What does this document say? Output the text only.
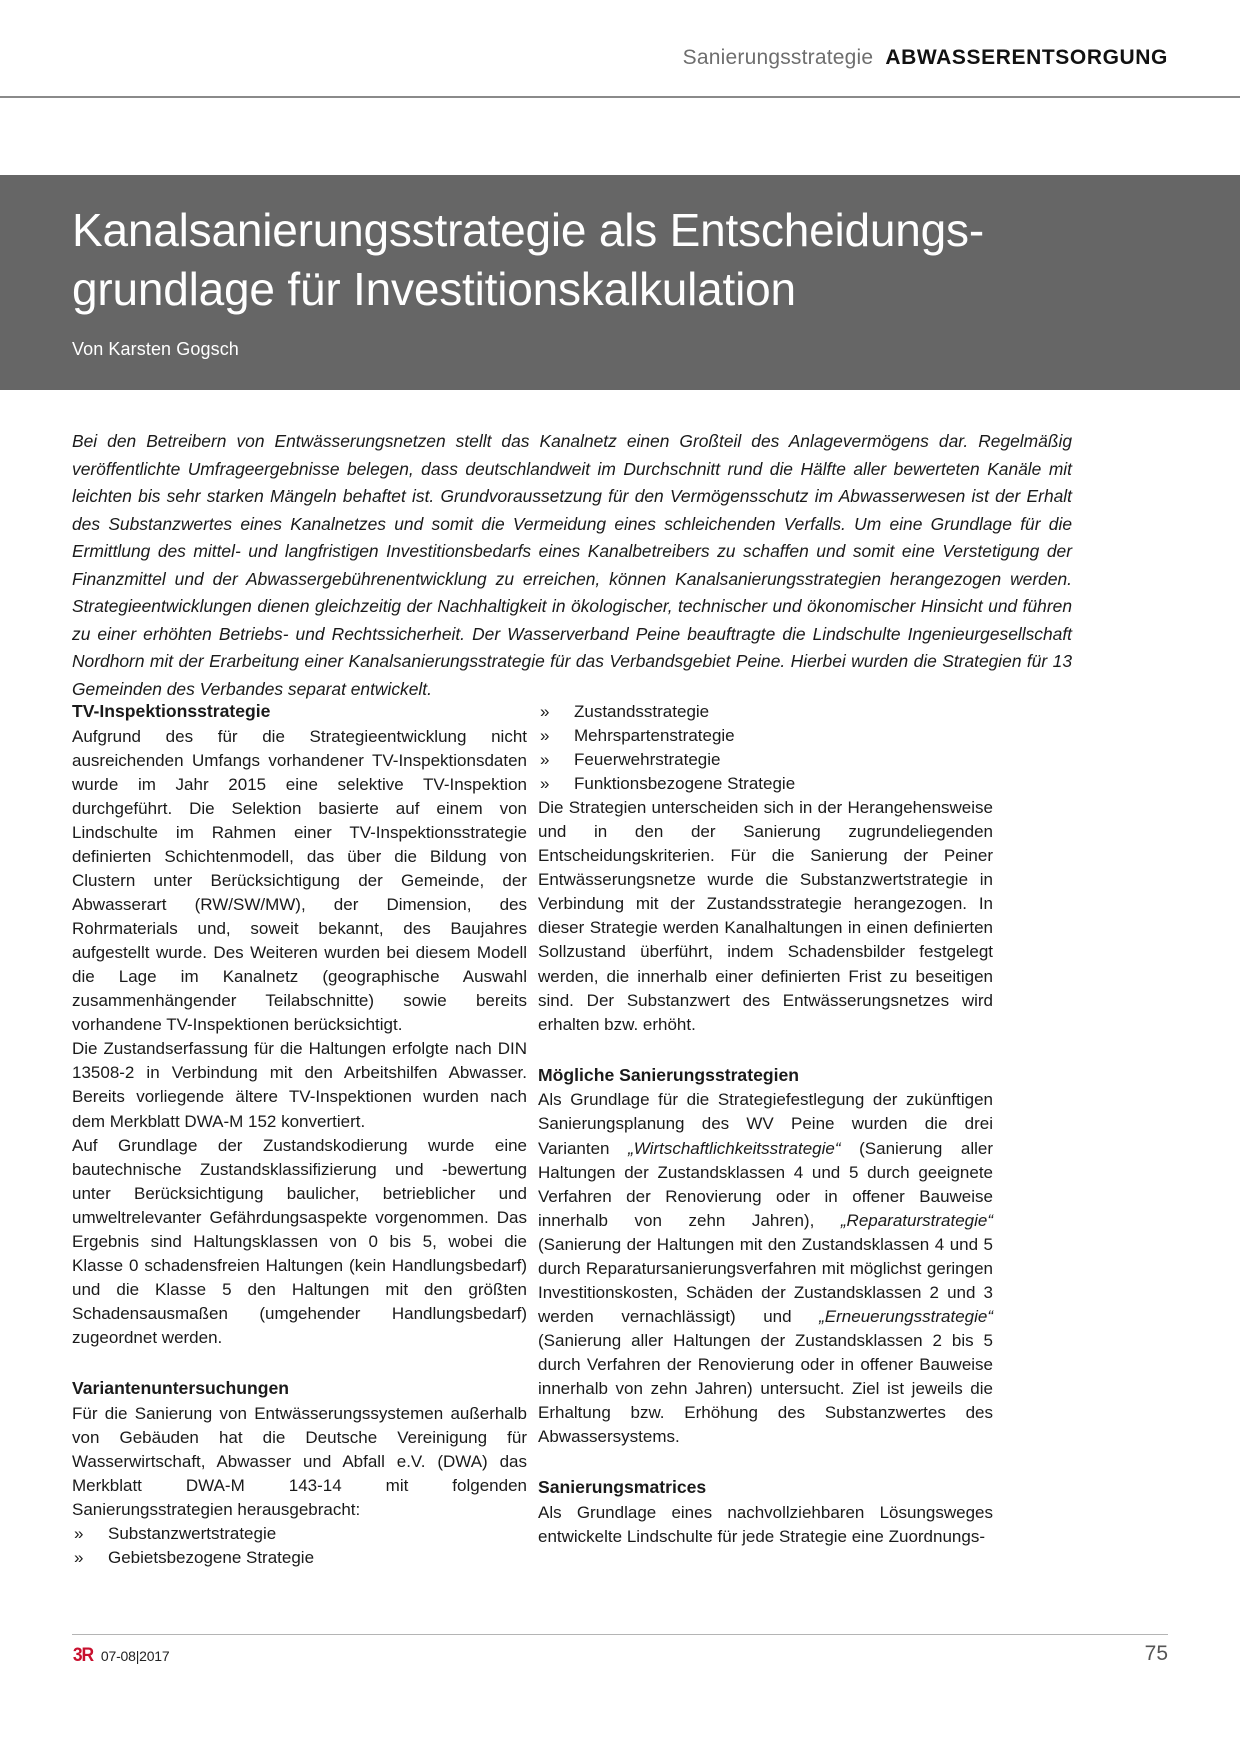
Sanierungsstrategie ABWASSERENTSORGUNG
Kanalsanierungsstrategie als Entscheidungs-
grundlage für Investitionskalkulation
Von Karsten Gogsch
Bei den Betreibern von Entwässerungsnetzen stellt das Kanalnetz einen Großteil des Anlagevermögens dar. Regelmäßig veröffentlichte Umfrageergebnisse belegen, dass deutschlandweit im Durchschnitt rund die Hälfte aller bewerteten Kanäle mit leichten bis sehr starken Mängeln behaftet ist. Grundvoraussetzung für den Vermögensschutz im Abwasserwesen ist der Erhalt des Substanzwertes eines Kanalnetzes und somit die Vermeidung eines schleichenden Verfalls. Um eine Grundlage für die Ermittlung des mittel- und langfristigen Investitionsbedarfs eines Kanalbetreibers zu schaffen und somit eine Verstetigung der Finanzmittel und der Abwassergebührenentwicklung zu erreichen, können Kanalsanierungsstrategien herangezogen werden. Strategieentwicklungen dienen gleichzeitig der Nachhaltigkeit in ökologischer, technischer und ökonomischer Hinsicht und führen zu einer erhöhten Betriebs- und Rechtssicherheit. Der Wasserverband Peine beauftragte die Lindschulte Ingenieurgesellschaft Nordhorn mit der Erarbeitung einer Kanalsanierungsstrategie für das Verbandsgebiet Peine. Hierbei wurden die Strategien für 13 Gemeinden des Verbandes separat entwickelt.
TV-Inspektionsstrategie

Aufgrund des für die Strategieentwicklung nicht ausreichenden Umfangs vorhandener TV-Inspektionsdaten wurde im Jahr 2015 eine selektive TV-Inspektion durchgeführt. Die Selektion basierte auf einem von Lindschulte im Rahmen einer TV-Inspektionsstrategie definierten Schichtenmodell, das über die Bildung von Clustern unter Berücksichtigung der Gemeinde, der Abwasserart (RW/SW/MW), der Dimension, des Rohrmaterials und, soweit bekannt, des Baujahres aufgestellt wurde. Des Weiteren wurden bei diesem Modell die Lage im Kanalnetz (geographische Auswahl zusammenhängender Teilabschnitte) sowie bereits vorhandene TV-Inspektionen berücksichtigt.

Die Zustandserfassung für die Haltungen erfolgte nach DIN 13508-2 in Verbindung mit den Arbeitshilfen Abwasser. Bereits vorliegende ältere TV-Inspektionen wurden nach dem Merkblatt DWA-M 152 konvertiert.

Auf Grundlage der Zustandskodierung wurde eine bautechnische Zustandsklassifizierung und -bewertung unter Berücksichtigung baulicher, betrieblicher und umweltrelevanter Gefährdungsaspekte vorgenommen. Das Ergebnis sind Haltungsklassen von 0 bis 5, wobei die Klasse 0 schadensfreien Haltungen (kein Handlungsbedarf) und die Klasse 5 den Haltungen mit den größten Schadensausmaßen (umgehender Handlungsbedarf) zugeordnet werden.

Variantenuntersuchungen

Für die Sanierung von Entwässerungssystemen außerhalb von Gebäuden hat die Deutsche Vereinigung für Wasserwirtschaft, Abwasser und Abfall e.V. (DWA) das Merkblatt DWA-M 143-14 mit folgenden Sanierungsstrategien herausgebracht:

» Substanzwertstrategie
» Gebietsbezogene Strategie
» Zustandsstrategie
» Mehrspartenstrategie
» Feuerwehrstrategie
» Funktionsbezogene Strategie

Die Strategien unterscheiden sich in der Herangehensweise und in den der Sanierung zugrundeliegenden Entscheidungskriterien. Für die Sanierung der Peiner Entwässerungsnetze wurde die Substanzwertstrategie in Verbindung mit der Zustandsstrategie herangezogen. In dieser Strategie werden Kanalhaltungen in einen definierten Sollzustand überführt, indem Schadensbilder festgelegt werden, die innerhalb einer definierten Frist zu beseitigen sind. Der Substanzwert des Entwässerungsnetzes wird erhalten bzw. erhöht.

Mögliche Sanierungsstrategien

Als Grundlage für die Strategiefestlegung der zukünftigen Sanierungsplanung des WV Peine wurden die drei Varianten „Wirtschaftlichkeitsstrategie“ (Sanierung aller Haltungen der Zustandsklassen 4 und 5 durch geeignete Verfahren der Renovierung oder in offener Bauweise innerhalb von zehn Jahren), „Reparaturstrategie“ (Sanierung der Haltungen mit den Zustandsklassen 4 und 5 durch Reparatursanierungsverfahren mit möglichst geringen Investitionskosten, Schäden der Zustandsklassen 2 und 3 werden vernachlässigt) und „Erneuerungsstrategie“ (Sanierung aller Haltungen der Zustandsklassen 2 bis 5 durch Verfahren der Renovierung oder in offener Bauweise innerhalb von zehn Jahren) untersucht. Ziel ist jeweils die Erhaltung bzw. Erhöhung des Substanzwertes des Abwassersystems.

Sanierungsmatrices

Als Grundlage eines nachvollziehbaren Lösungsweges entwickelte Lindschulte für jede Strategie eine Zuordnungs-

3R 07-08|2017	75
